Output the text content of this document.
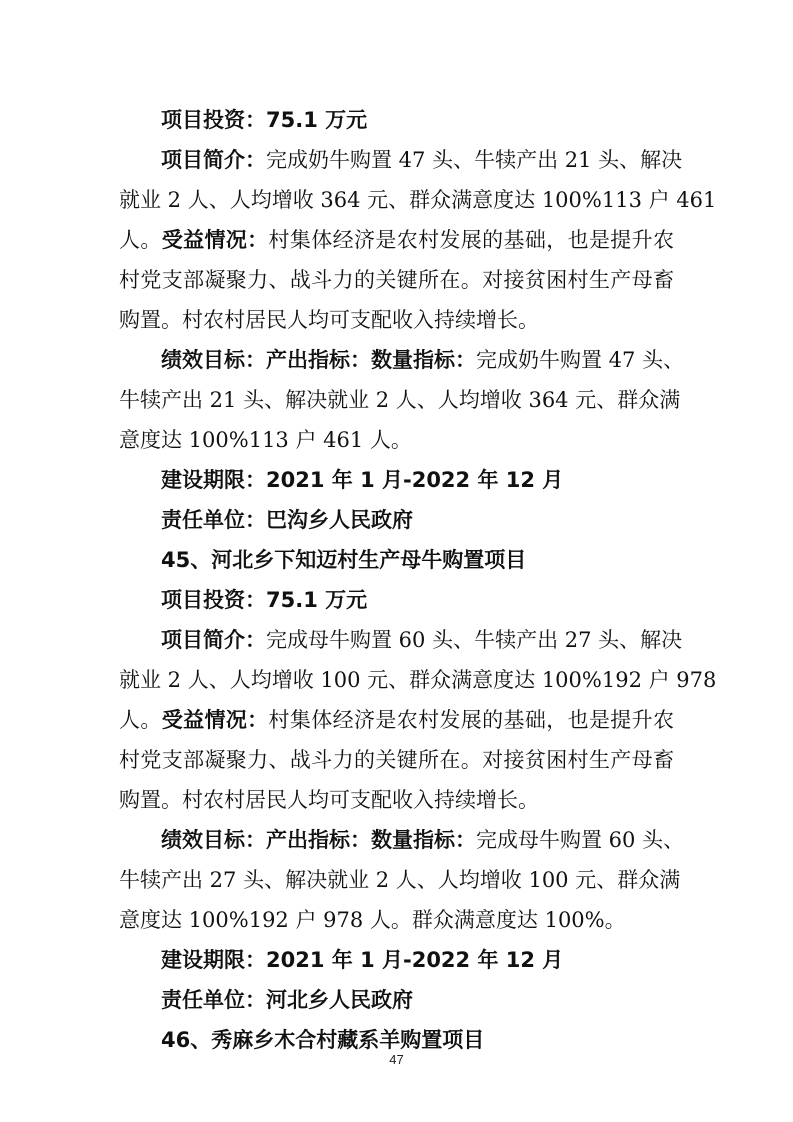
项目投资：75.1 万元
项目简介：完成奶牛购置 47 头、牛犊产出 21 头、解决
就业 2 人、人均增收 364 元、群众满意度达 100%113 户 461
人。受益情况：村集体经济是农村发展的基础，也是提升农
村党支部凝聚力、战斗力的关键所在。对接贫困村生产母畜
购置。村农村居民人均可支配收入持续增长。
绩效目标：产出指标：数量指标：完成奶牛购置 47 头、
牛犊产出 21 头、解决就业 2 人、人均增收 364 元、群众满
意度达 100%113 户 461 人。
建设期限：2021 年 1 月-2022 年 12 月
责任单位：巴沟乡人民政府
45、河北乡下知迈村生产母牛购置项目
项目投资：75.1 万元
项目简介：完成母牛购置 60 头、牛犊产出 27 头、解决
就业 2 人、人均增收 100 元、群众满意度达 100%192 户 978
人。受益情况：村集体经济是农村发展的基础，也是提升农
村党支部凝聚力、战斗力的关键所在。对接贫困村生产母畜
购置。村农村居民人均可支配收入持续增长。
绩效目标：产出指标：数量指标：完成母牛购置 60 头、
牛犊产出 27 头、解决就业 2 人、人均增收 100 元、群众满
意度达 100%192 户 978 人。群众满意度达 100%。
建设期限：2021 年 1 月-2022 年 12 月
责任单位：河北乡人民政府
46、秀麻乡木合村藏系羊购置项目
47
